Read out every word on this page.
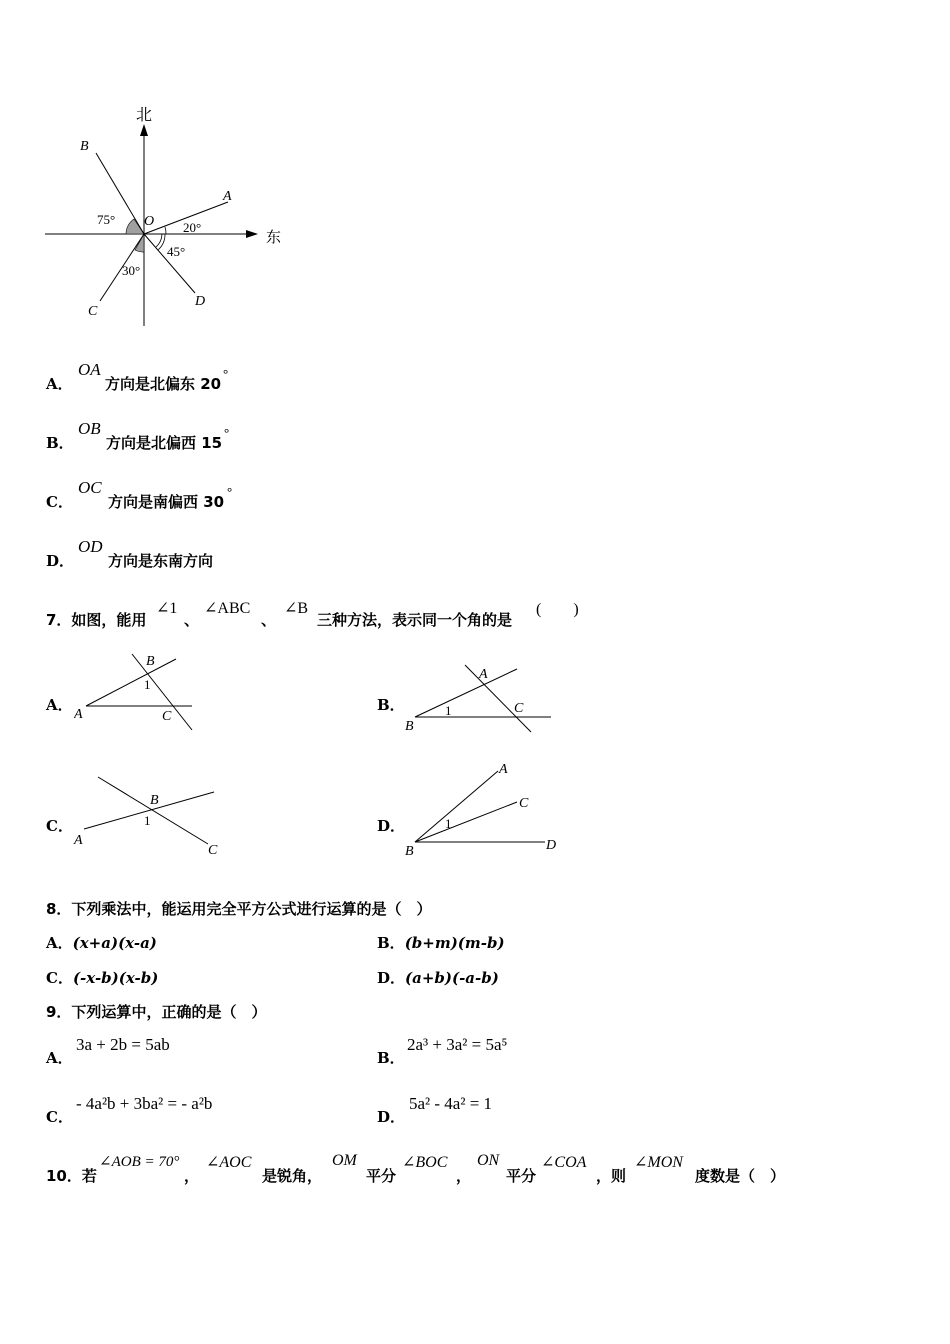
北
东
B
A
O
C
D
75°
20°
45°
30°
A．
OA
方向是北偏东 20
°
B．
OB
方向是北偏西 15
°
C．
OC
方向是南偏西 30
°
D．
OD
方向是东南方向
7．如图，能用
∠1
、
∠ABC
、
∠B
三种方法，表示同一个角的是
(　　)
A．
A
B
C
1
B．
B
A
C
1
C．
A
B
C
1	D．
B
A
C
D
1
8．下列乘法中，能运用完全平方公式进行运算的是（　）
A．(x+a)(x-a)	B．(b+m)(m-b)
C．(-x-b)(x-b)	D．(a+b)(-a-b)
9．下列运算中，正确的是（　）
A．
3a + 2b = 5ab
B．
2a³ + 3a² = 5a⁵
C．
- 4a²b + 3ba² = - a²b
D．
5a² - 4a² = 1
10．若
∠AOB = 70°
，
∠AOC
是锐角，
OM
平分
∠BOC
，
ON
平分
∠COA
，则
∠MON
度数是（　）
